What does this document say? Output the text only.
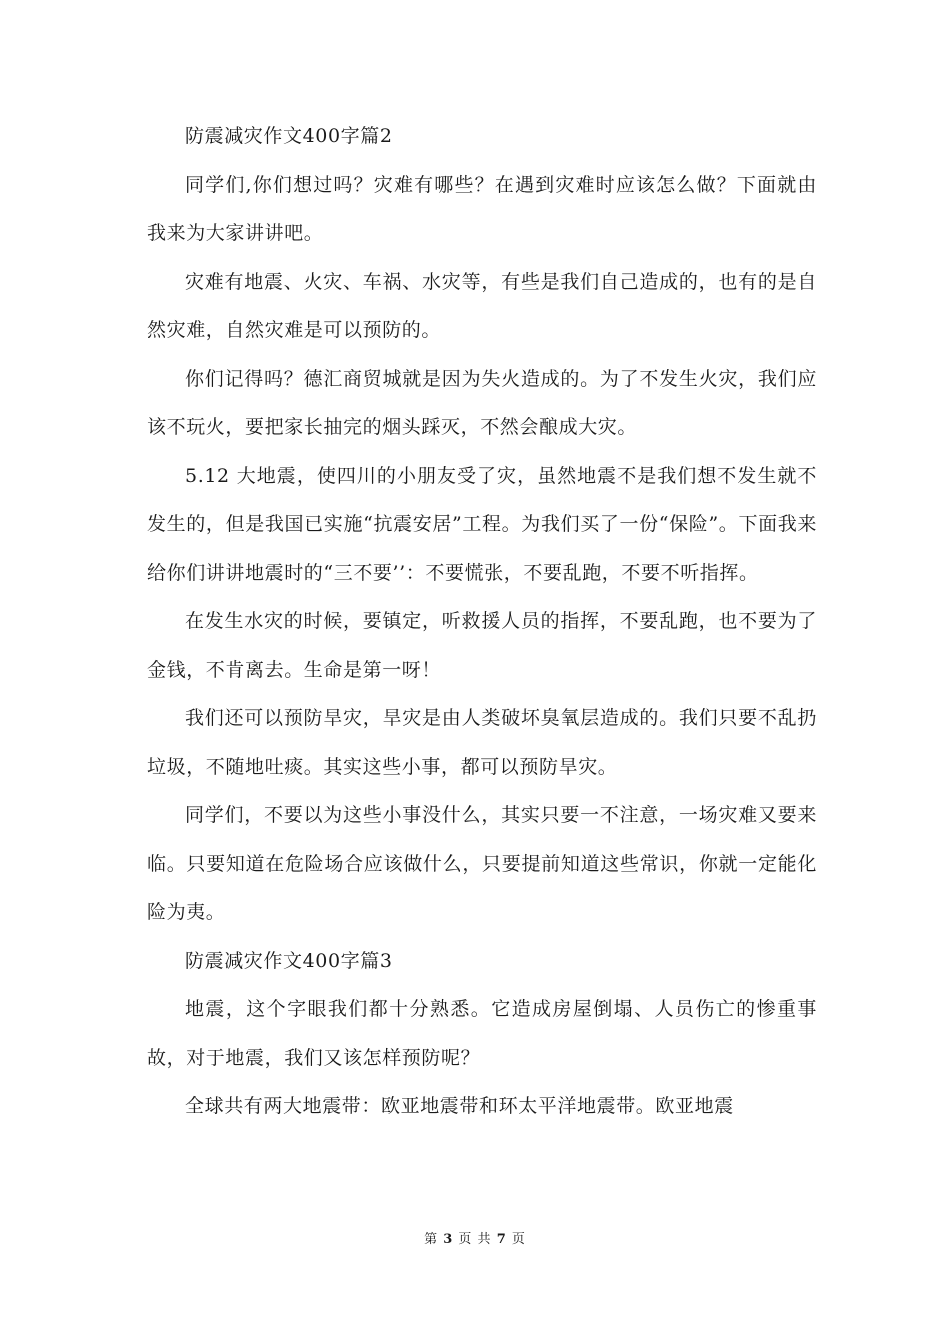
防震减灾作文400字篇2

同学们,你们想过吗？灾难有哪些？在遇到灾难时应该怎么做？下面就由我来为大家讲讲吧。

灾难有地震、火灾、车祸、水灾等，有些是我们自己造成的，也有的是自然灾难，自然灾难是可以预防的。

你们记得吗？德汇商贸城就是因为失火造成的。为了不发生火灾，我们应该不玩火，要把家长抽完的烟头踩灭，不然会酿成大灾。

5.12 大地震，使四川的小朋友受了灾，虽然地震不是我们想不发生就不发生的，但是我国已实施“抗震安居”工程。为我们买了一份“保险”。下面我来给你们讲讲地震时的“三不要’’：不要慌张，不要乱跑，不要不听指挥。

在发生水灾的时候，要镇定，听救援人员的指挥，不要乱跑，也不要为了金钱，不肯离去。生命是第一呀！

我们还可以预防旱灾，旱灾是由人类破坏臭氧层造成的。我们只要不乱扔垃圾，不随地吐痰。其实这些小事，都可以预防旱灾。

同学们，不要以为这些小事没什么，其实只要一不注意，一场灾难又要来临。只要知道在危险场合应该做什么，只要提前知道这些常识，你就一定能化险为夷。

防震减灾作文400字篇3

地震，这个字眼我们都十分熟悉。它造成房屋倒塌、人员伤亡的惨重事故，对于地震，我们又该怎样预防呢？

全球共有两大地震带：欧亚地震带和环太平洋地震带。欧亚地震

第 3 页 共 7 页
